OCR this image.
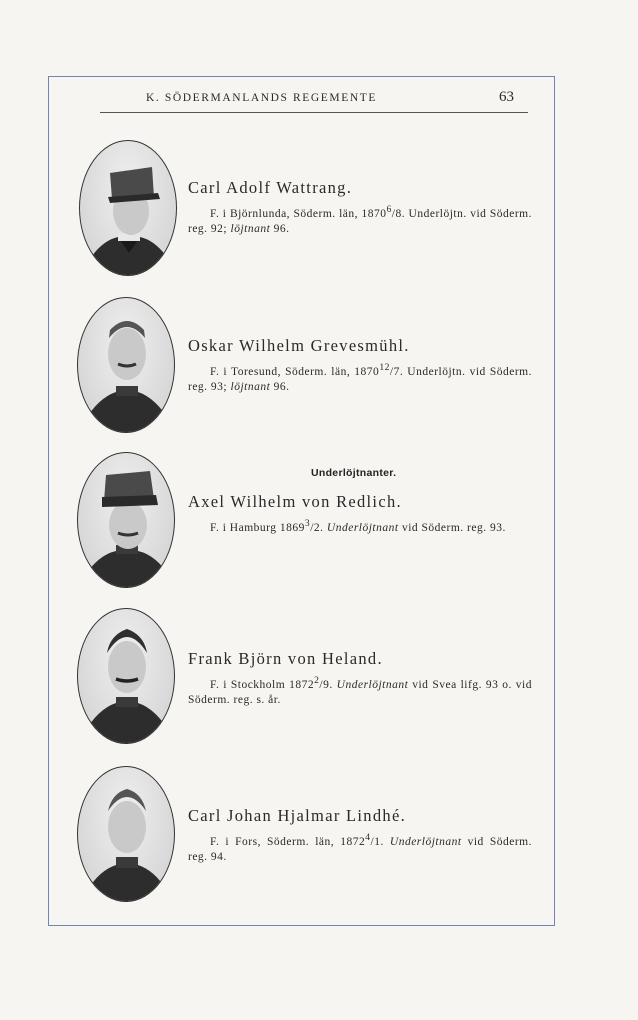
K. SÖDERMANLANDS REGEMENTE	63
Carl Adolf Wattrang.

F. i Björnlunda, Söderm. län, 1870$^6$/8. Underlöjtn. vid Söderm. reg. 92; löjtnant 96.

Oskar Wilhelm Grevesmühl.

F. i Toresund, Söderm. län, 1870$^{12}$/7. Underlöjtn. vid Söderm. reg. 93; löjtnant 96.

Underlöjtnanter.
Axel Wilhelm von Redlich.

F. i Hamburg 1869$^3$/2. Underlöjtnant vid Söderm. reg. 93.

Frank Björn von Heland.

F. i Stockholm 1872$^2$/9. Underlöjtnant vid Svea lifg. 93 o. vid Söderm. reg. s. år.

Carl Johan Hjalmar Lindhé.

F. i Fors, Söderm. län, 1872$^4$/1. Underlöjtnant vid Söderm. reg. 94.
